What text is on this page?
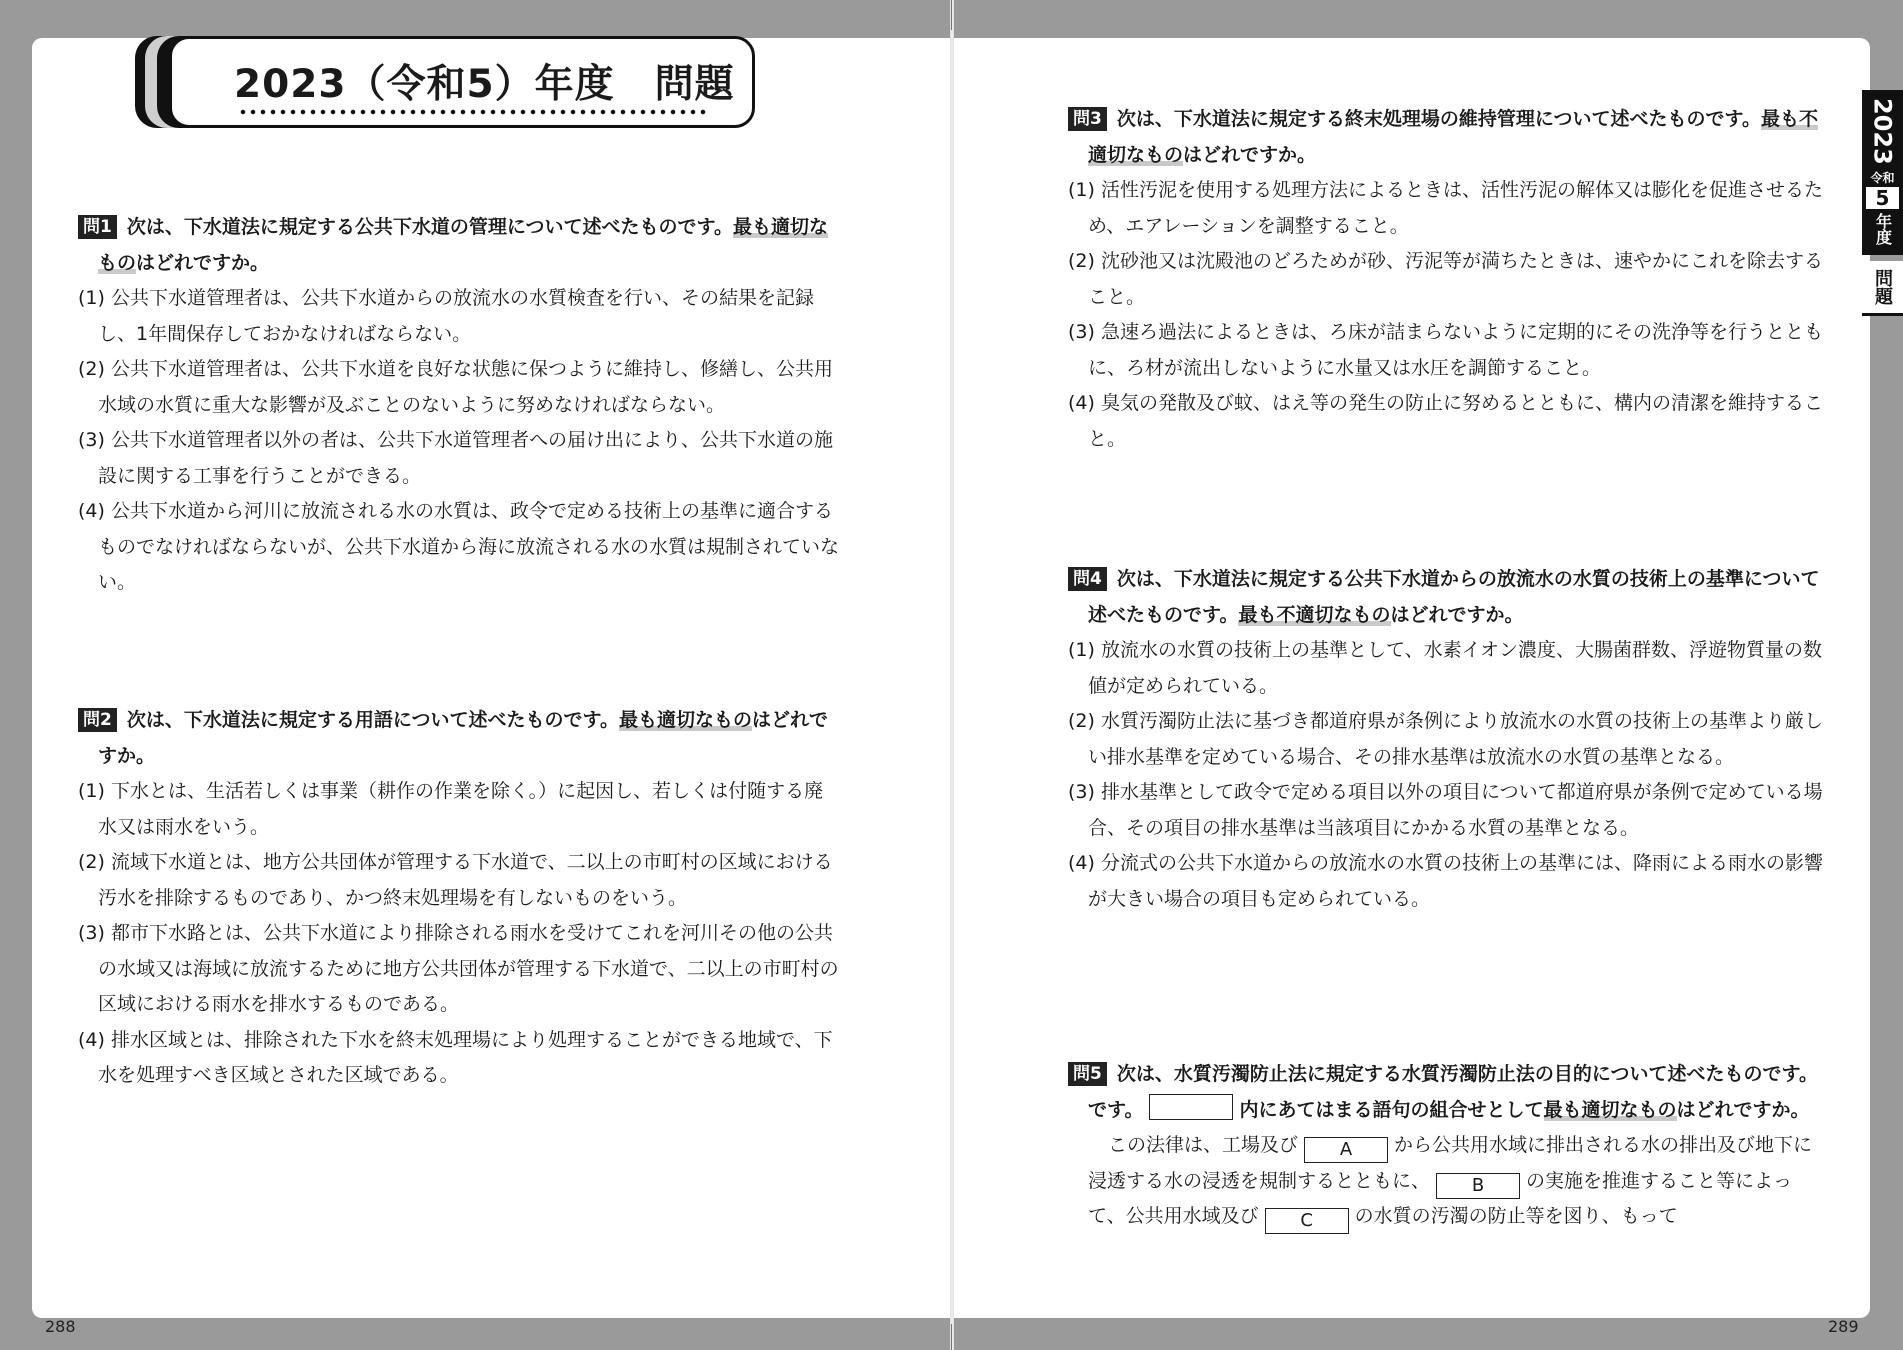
2023（令和5）年度　問題
問1 次は、下水道法に規定する公共下水道の管理について述べたものです。最も適切なものはどれですか。
(1) 公共下水道管理者は、公共下水道からの放流水の水質検査を行い、その結果を記録し、1年間保存しておかなければならない。
(2) 公共下水道管理者は、公共下水道を良好な状態に保つように維持し、修繕し、公共用水域の水質に重大な影響が及ぶことのないように努めなければならない。
(3) 公共下水道管理者以外の者は、公共下水道管理者への届け出により、公共下水道の施設に関する工事を行うことができる。
(4) 公共下水道から河川に放流される水の水質は、政令で定める技術上の基準に適合するものでなければならないが、公共下水道から海に放流される水の水質は規制されていない。
問2 次は、下水道法に規定する用語について述べたものです。最も適切なものはどれですか。
(1) 下水とは、生活若しくは事業（耕作の作業を除く。）に起因し、若しくは付随する廃水又は雨水をいう。
(2) 流域下水道とは、地方公共団体が管理する下水道で、二以上の市町村の区域における汚水を排除するものであり、かつ終末処理場を有しないものをいう。
(3) 都市下水路とは、公共下水道により排除される雨水を受けてこれを河川その他の公共の水域又は海域に放流するために地方公共団体が管理する下水道で、二以上の市町村の区域における雨水を排水するものである。
(4) 排水区域とは、排除された下水を終末処理場により処理することができる地域で、下水を処理すべき区域とされた区域である。
問3 次は、下水道法に規定する終末処理場の維持管理について述べたものです。最も不適切なものはどれですか。
(1) 活性汚泥を使用する処理方法によるときは、活性汚泥の解体又は膨化を促進させるため、エアレーションを調整すること。
(2) 沈砂池又は沈殿池のどろためが砂、汚泥等が満ちたときは、速やかにこれを除去すること。
(3) 急速ろ過法によるときは、ろ床が詰まらないように定期的にその洗浄等を行うとともに、ろ材が流出しないように水量又は水圧を調節すること。
(4) 臭気の発散及び蚊、はえ等の発生の防止に努めるとともに、構内の清潔を維持すること。
問4 次は、下水道法に規定する公共下水道からの放流水の水質の技術上の基準について述べたものです。最も不適切なものはどれですか。
(1) 放流水の水質の技術上の基準として、水素イオン濃度、大腸菌群数、浮遊物質量の数値が定められている。
(2) 水質汚濁防止法に基づき都道府県が条例により放流水の水質の技術上の基準より厳しい排水基準を定めている場合、その排水基準は放流水の水質の基準となる。
(3) 排水基準として政令で定める項目以外の項目について都道府県が条例で定めている場合、その項目の排水基準は当該項目にかかる水質の基準となる。
(4) 分流式の公共下水道からの放流水の水質の技術上の基準には、降雨による雨水の影響が大きい場合の項目も定められている。
問5 次は、水質汚濁防止法に規定する水質汚濁防止法の目的について述べたものです。です。	内にあてはまる語句の組合せとして最も適切なものはどれですか。
この法律は、工場及び A から公共用水域に排出される水の排出及び地下に浸透する水の浸透を規制するとともに、 B の実施を推進すること等によって、公共用水域及び C の水質の汚濁の防止等を図り、もって
288	289
2023
令和
5
年度
問題
